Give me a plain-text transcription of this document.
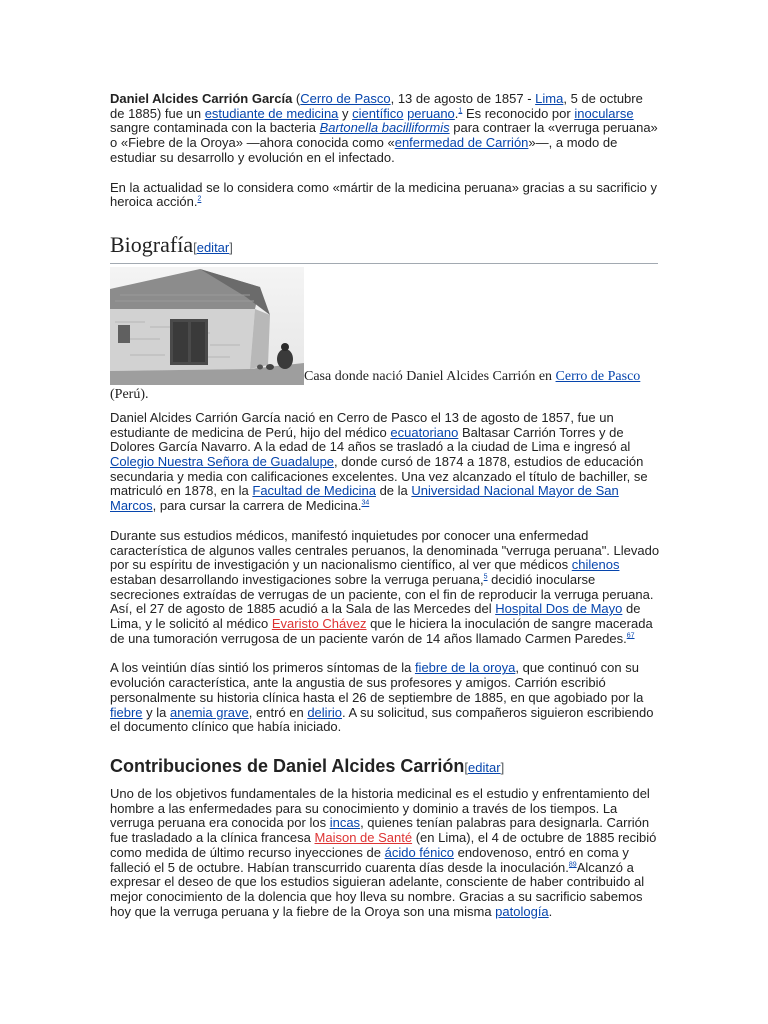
Daniel Alcides Carrión García (Cerro de Pasco, 13 de agosto de 1857 - Lima, 5 de octubre de 1885) fue un estudiante de medicina y científico peruano.$^1$ Es reconocido por inocularse sangre contaminada con la bacteria Bartonella bacilliformis para contraer la «verruga peruana» o «Fiebre de la Oroya» —ahora conocida como «enfermedad de Carrión»—, a modo de estudiar su desarrollo y evolución en el infectado.

En la actualidad se lo considera como «mártir de la medicina peruana» gracias a su sacrificio y heroica acción.$^2$

Biografía[editar]
Casa donde nació Daniel Alcides Carrión en Cerro de Pasco (Perú).

Daniel Alcides Carrión García nació en Cerro de Pasco el 13 de agosto de 1857, fue un estudiante de medicina de Perú, hijo del médico ecuatoriano Baltasar Carrión Torres y de Dolores García Navarro. A la edad de 14 años se trasladó a la ciudad de Lima e ingresó al Colegio Nuestra Señora de Guadalupe, donde cursó de 1874 a 1878, estudios de educación secundaria y media con calificaciones excelentes. Una vez alcanzado el título de bachiller, se matriculó en 1878, en la Facultad de Medicina de la Universidad Nacional Mayor de San Marcos, para cursar la carrera de Medicina.$^{34}$

Durante sus estudios médicos, manifestó inquietudes por conocer una enfermedad característica de algunos valles centrales peruanos, la denominada "verruga peruana". Llevado por su espíritu de investigación y un nacionalismo científico, al ver que médicos chilenos estaban desarrollando investigaciones sobre la verruga peruana,$^5$ decidió inocularse secreciones extraídas de verrugas de un paciente, con el fin de reproducir la verruga peruana. Así, el 27 de agosto de 1885 acudió a la Sala de las Mercedes del Hospital Dos de Mayo de Lima, y le solicitó al médico Evaristo Chávez que le hiciera la inoculación de sangre macerada de una tumoración verrugosa de un paciente varón de 14 años llamado Carmen Paredes.$^{67}$

A los veintiún días sintió los primeros síntomas de la fiebre de la oroya, que continuó con su evolución característica, ante la angustia de sus profesores y amigos. Carrión escribió personalmente su historia clínica hasta el 26 de septiembre de 1885, en que agobiado por la fiebre y la anemia grave, entró en delirio. A su solicitud, sus compañeros siguieron escribiendo el documento clínico que había iniciado.

Contribuciones de Daniel Alcides Carrión[editar]

Uno de los objetivos fundamentales de la historia medicinal es el estudio y enfrentamiento del hombre a las enfermedades para su conocimiento y dominio a través de los tiempos. La verruga peruana era conocida por los incas, quienes tenían palabras para designarla. Carrión fue trasladado a la clínica francesa Maison de Santé (en Lima), el 4 de octubre de 1885 recibió como medida de último recurso inyecciones de ácido fénico endovenoso, entró en coma y falleció el 5 de octubre. Habían transcurrido cuarenta días desde la inoculación.$^{89}$Alcanzó a expresar el deseo de que los estudios siguieran adelante, consciente de haber contribuido al mejor conocimiento de la dolencia que hoy lleva su nombre. Gracias a su sacrificio sabemos hoy que la verruga peruana y la fiebre de la Oroya son una misma patología.
